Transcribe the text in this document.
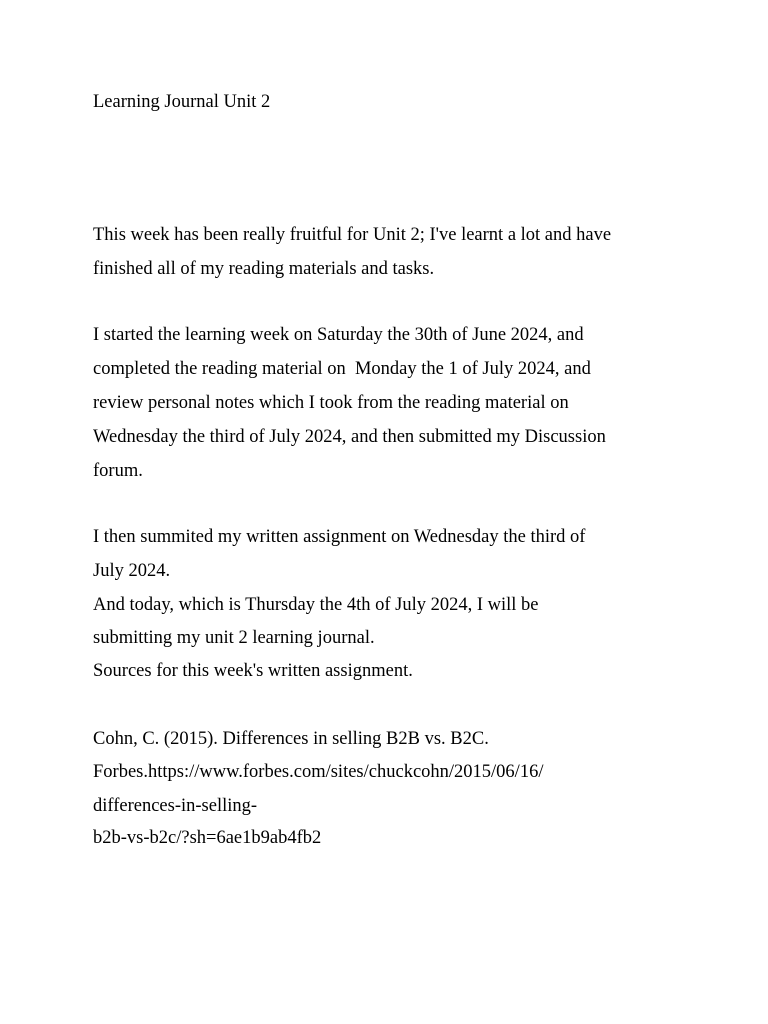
Learning Journal Unit 2
This week has been really fruitful for Unit 2; I've learnt a lot and have
finished all of my reading materials and tasks.
I started the learning week on Saturday the 30th of June 2024, and
completed the reading material on  Monday the 1 of July 2024, and
review personal notes which I took from the reading material on
Wednesday the third of July 2024, and then submitted my Discussion
forum.
I then summited my written assignment on Wednesday the third of
July 2024.
And today, which is Thursday the 4th of July 2024, I will be
submitting my unit 2 learning journal.
Sources for this week's written assignment.
Cohn, C. (2015). Differences in selling B2B vs. B2C.
Forbes.https://www.forbes.com/sites/chuckcohn/2015/06/16/
differences-in-selling-
b2b-vs-b2c/?sh=6ae1b9ab4fb2
